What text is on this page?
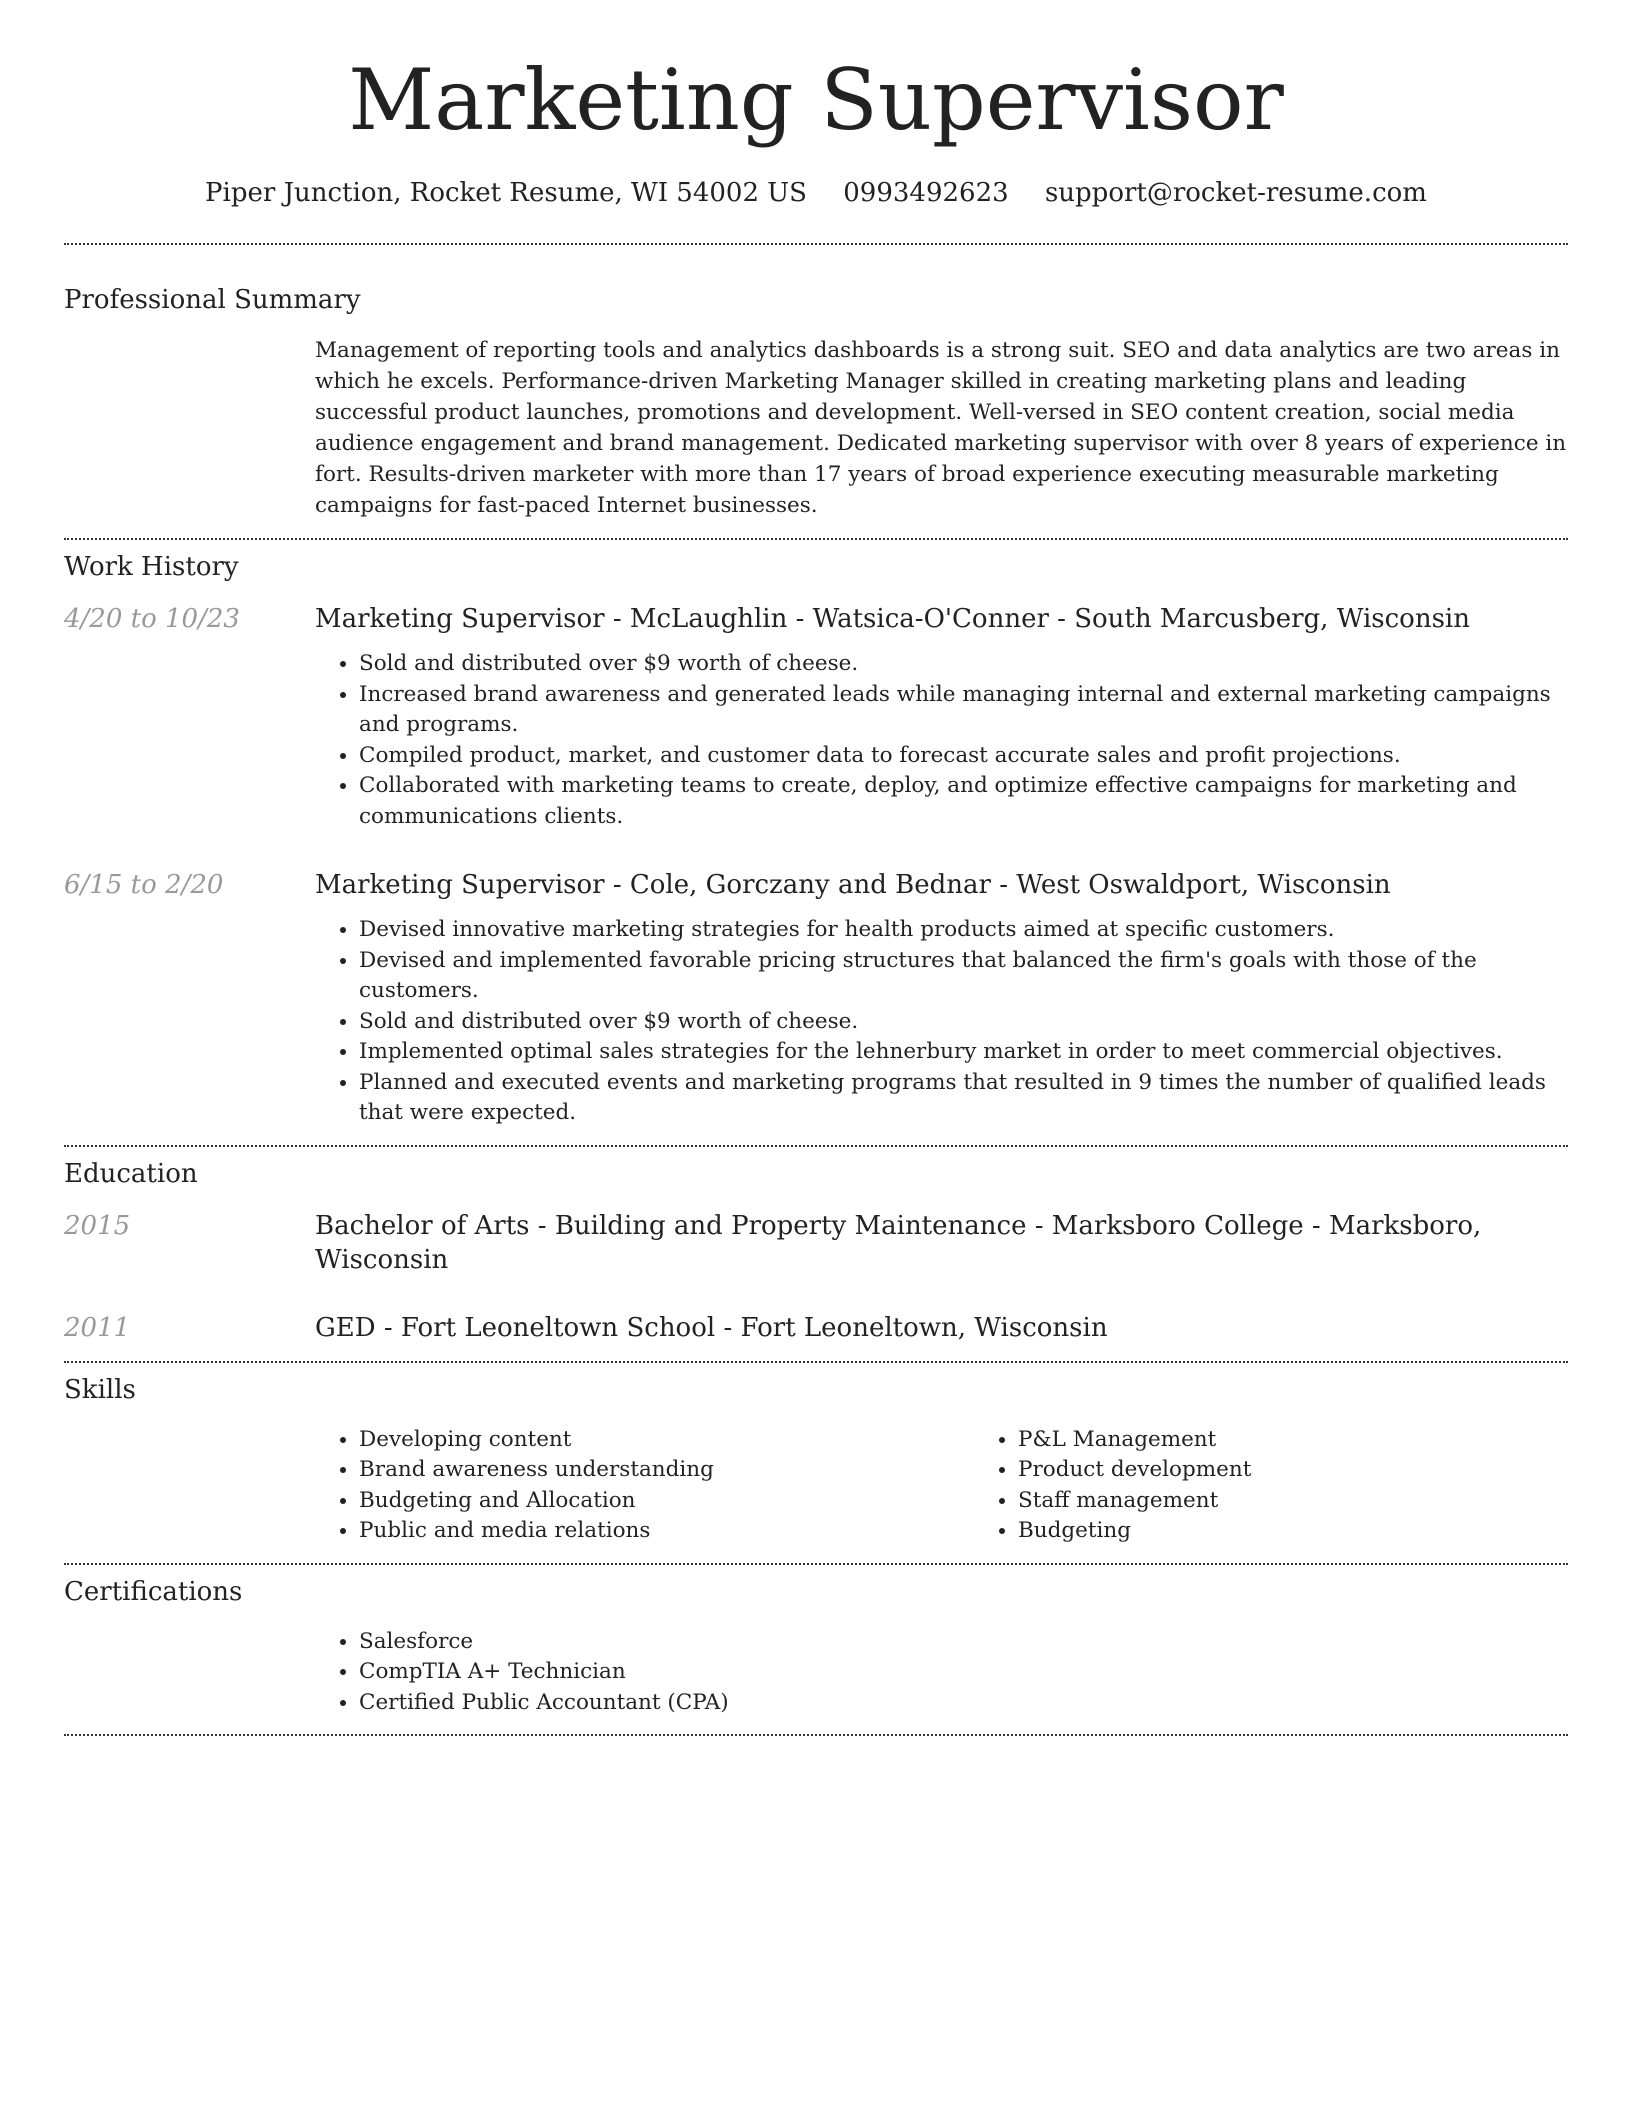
Marketing Supervisor
Piper Junction, Rocket Resume, WI 54002 US 0993492623 support@rocket-resume.com
Professional Summary

Management of reporting tools and analytics dashboards is a strong suit. SEO and data analytics are two areas in which he excels. Performance-driven Marketing Manager skilled in creating marketing plans and leading successful product launches, promotions and development. Well-versed in SEO content creation, social media audience engagement and brand management. Dedicated marketing supervisor with over 8 years of experience in fort. Results-driven marketer with more than 17 years of broad experience executing measurable marketing campaigns for fast-paced Internet businesses.

Work History
4/20 to 10/23	Marketing Supervisor - McLaughlin - Watsica-O'Conner - South Marcusberg, Wisconsin
• Sold and distributed over $9 worth of cheese.
• Increased brand awareness and generated leads while managing internal and external marketing campaigns and programs.
• Compiled product, market, and customer data to forecast accurate sales and profit projections.
• Collaborated with marketing teams to create, deploy, and optimize effective campaigns for marketing and communications clients.
6/15 to 2/20	Marketing Supervisor - Cole, Gorczany and Bednar - West Oswaldport, Wisconsin
• Devised innovative marketing strategies for health products aimed at specific customers.
• Devised and implemented favorable pricing structures that balanced the firm's goals with those of the customers.
• Sold and distributed over $9 worth of cheese.
• Implemented optimal sales strategies for the lehnerbury market in order to meet commercial objectives.
• Planned and executed events and marketing programs that resulted in 9 times the number of qualified leads that were expected.
Education
2015	Bachelor of Arts - Building and Property Maintenance - Marksboro College - Marksboro, Wisconsin
2011	GED - Fort Leoneltown School - Fort Leoneltown, Wisconsin
Skills
• Developing content
• Brand awareness understanding
• Budgeting and Allocation
• Public and media relations
• P&L Management
• Product development
• Staff management
• Budgeting
Certifications
• Salesforce
• CompTIA A+ Technician
• Certified Public Accountant (CPA)
